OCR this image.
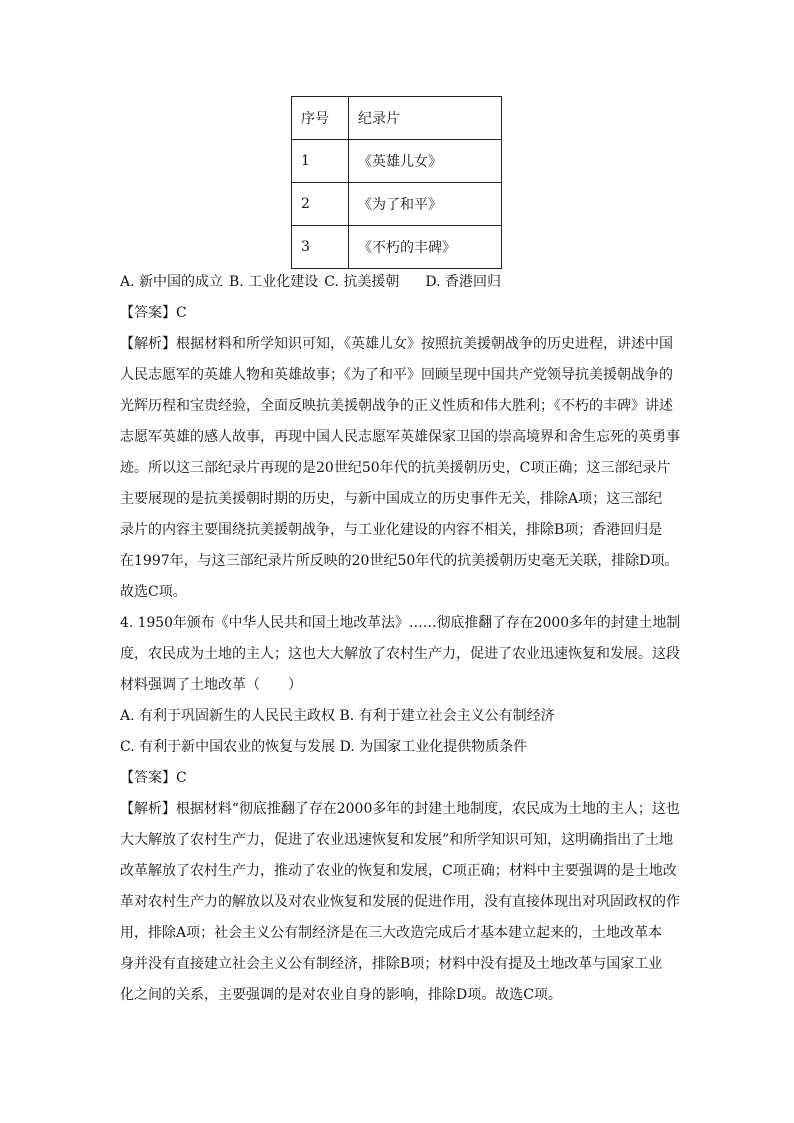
序号	纪录片
1	《英雄儿女》
2	《为了和平》
3	《不朽的丰碑》
A. 新中国的成立 B. 工业化建设 C. 抗美援朝 D. 香港回归
【答案】C
【解析】根据材料和所学知识可知，《英雄儿女》按照抗美援朝战争的历史进程，讲述中国
人民志愿军的英雄人物和英雄故事；《为了和平》回顾呈现中国共产党领导抗美援朝战争的
光辉历程和宝贵经验，全面反映抗美援朝战争的正义性质和伟大胜利；《不朽的丰碑》讲述
志愿军英雄的感人故事，再现中国人民志愿军英雄保家卫国的崇高境界和舍生忘死的英勇事
迹。所以这三部纪录片再现的是20世纪50年代的抗美援朝历史，C项正确；这三部纪录片
主要展现的是抗美援朝时期的历史，与新中国成立的历史事件无关，排除A项；这三部纪
录片的内容主要围绕抗美援朝战争，与工业化建设的内容不相关，排除B项；香港回归是
在1997年，与这三部纪录片所反映的20世纪50年代的抗美援朝历史毫无关联，排除D项。
故选C项。
4. 1950年颁布《中华人民共和国土地改革法》……彻底推翻了存在2000多年的封建土地制
度，农民成为土地的主人；这也大大解放了农村生产力，促进了农业迅速恢复和发展。这段
材料强调了土地改革（　　）
A. 有利于巩固新生的人民民主政权 B. 有利于建立社会主义公有制经济
C. 有利于新中国农业的恢复与发展 D. 为国家工业化提供物质条件
【答案】C
【解析】根据材料“彻底推翻了存在2000多年的封建土地制度，农民成为土地的主人；这也
大大解放了农村生产力，促进了农业迅速恢复和发展”和所学知识可知，这明确指出了土地
改革解放了农村生产力，推动了农业的恢复和发展，C项正确；材料中主要强调的是土地改
革对农村生产力的解放以及对农业恢复和发展的促进作用，没有直接体现出对巩固政权的作
用，排除A项；社会主义公有制经济是在三大改造完成后才基本建立起来的，土地改革本
身并没有直接建立社会主义公有制经济，排除B项；材料中没有提及土地改革与国家工业
化之间的关系，主要强调的是对农业自身的影响，排除D项。故选C项。
